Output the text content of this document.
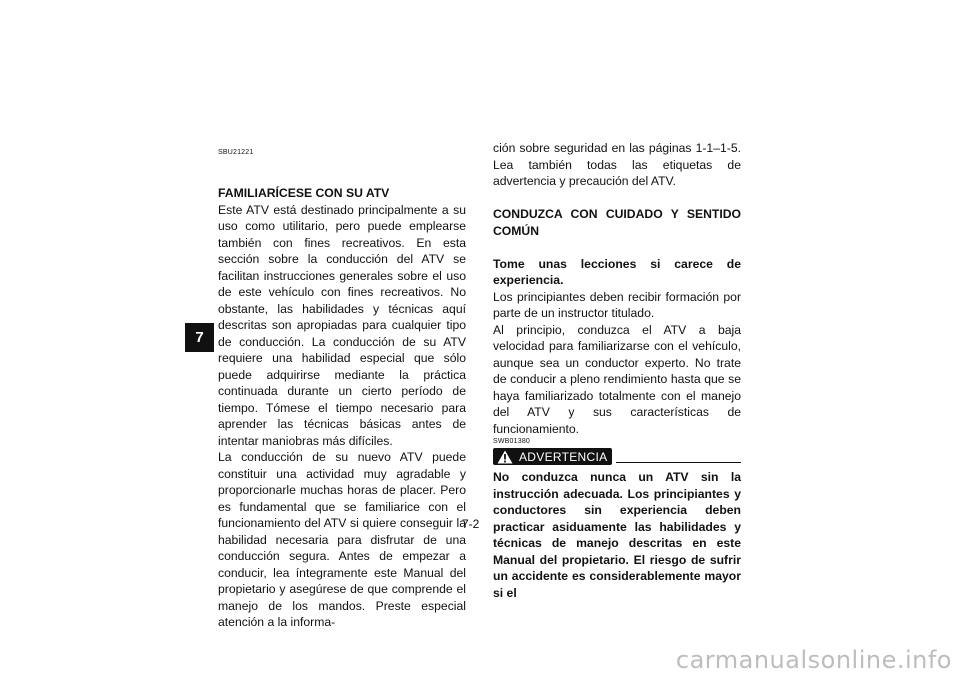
7

SBU21221

FAMILIARÍCESE CON SU ATV

Este ATV está destinado principalmente a su uso como utilitario, pero puede emplearse también con fines recreativos. En esta sección sobre la conducción del ATV se facilitan instrucciones generales sobre el uso de este vehículo con fines recreativos. No obstante, las habilidades y técnicas aquí descritas son apropiadas para cualquier tipo de conducción. La conducción de su ATV requiere una habilidad especial que sólo puede adquirirse mediante la práctica continuada durante un cierto período de tiempo. Tómese el tiempo necesario para aprender las técnicas básicas antes de intentar maniobras más difíciles.

La conducción de su nuevo ATV puede constituir una actividad muy agradable y proporcionarle muchas horas de placer. Pero es fundamental que se familiarice con el funcionamiento del ATV si quiere conseguir la habilidad necesaria para disfrutar de una conducción segura. Antes de empezar a conducir, lea íntegramente este Manual del propietario y asegúrese de que comprende el manejo de los mandos. Preste especial atención a la informa-

ción sobre seguridad en las páginas 1-1–1-5. Lea también todas las etiquetas de advertencia y precaución del ATV.

CONDUZCA CON CUIDADO Y SENTIDO COMÚN

Tome unas lecciones si carece de experiencia.

Los principiantes deben recibir formación por parte de un instructor titulado.

Al principio, conduzca el ATV a baja velocidad para familiarizarse con el vehículo, aunque sea un conductor experto. No trate de conducir a pleno rendimiento hasta que se haya familiarizado totalmente con el manejo del ATV y sus características de funcionamiento.

SWB01380

ADVERTENCIA

No conduzca nunca un ATV sin la instrucción adecuada. Los principiantes y conductores sin experiencia deben practicar asiduamente las habilidades y técnicas de manejo descritas en este Manual del propietario. El riesgo de sufrir un accidente es considerablemente mayor si el

7-2
carmanualsonline.info
